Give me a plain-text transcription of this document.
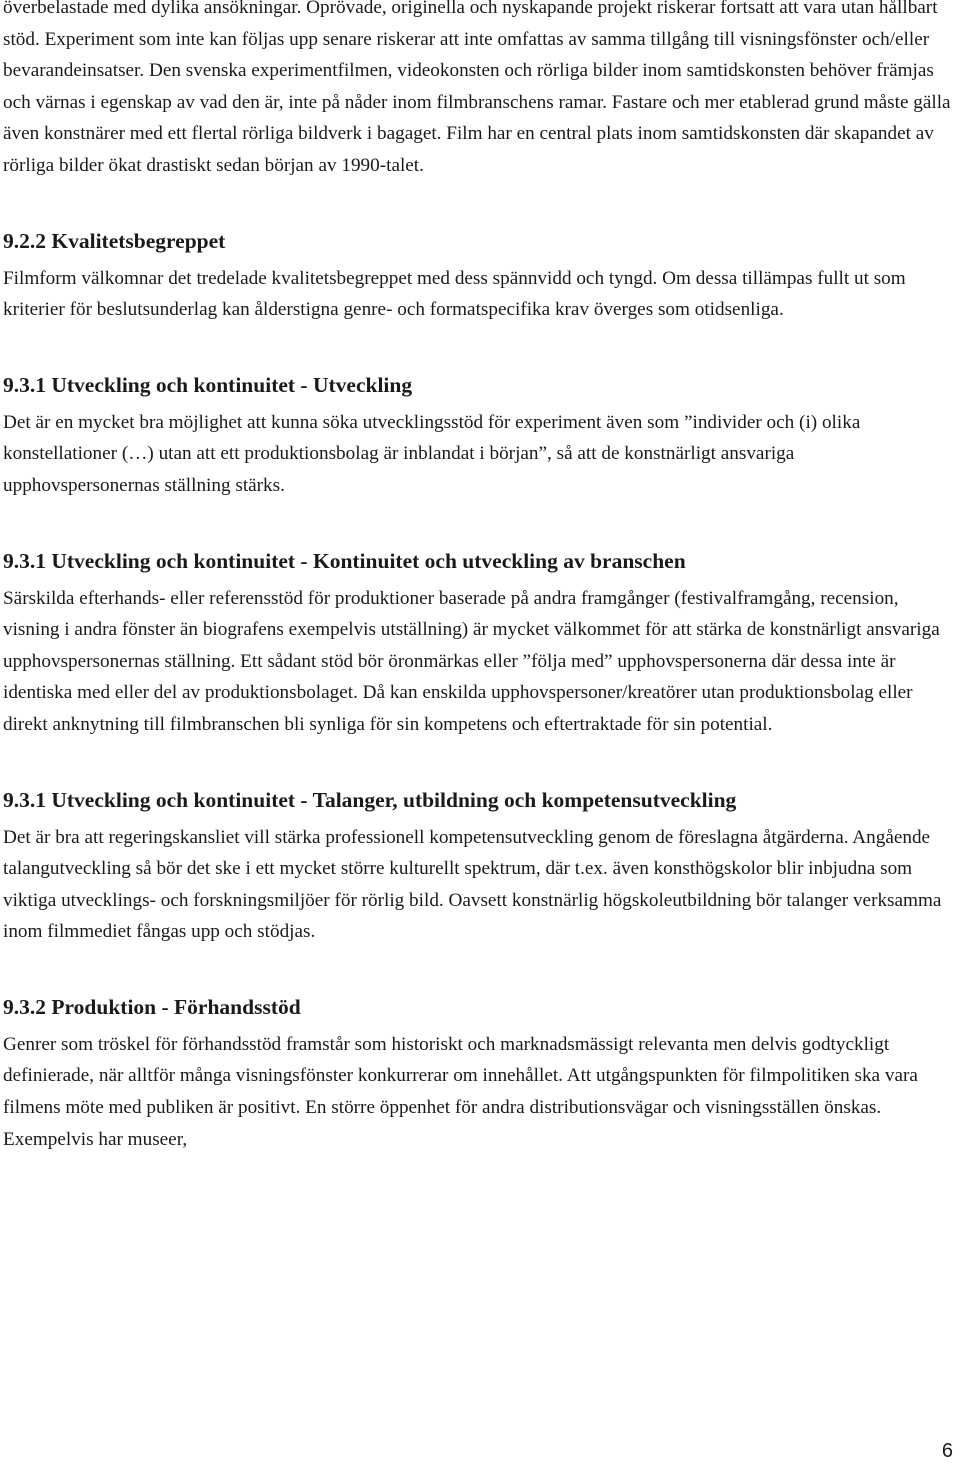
överbelastade med dylika ansökningar. Oprövade, originella och nyskapande projekt riskerar fortsatt att vara utan hållbart stöd. Experiment som inte kan följas upp senare riskerar att inte omfattas av samma tillgång till visningsfönster och/eller bevarandeinsatser. Den svenska experimentfilmen, videokonsten och rörliga bilder inom samtidskonsten behöver främjas och värnas i egenskap av vad den är, inte på nåder inom filmbranschens ramar. Fastare och mer etablerad grund måste gälla även konstnärer med ett flertal rörliga bildverk i bagaget. Film har en central plats inom samtidskonsten där skapandet av rörliga bilder ökat drastiskt sedan början av 1990-talet.

9.2.2 Kvalitetsbegreppet

Filmform välkomnar det tredelade kvalitetsbegreppet med dess spännvidd och tyngd. Om dessa tillämpas fullt ut som kriterier för beslutsunderlag kan ålderstigna genre- och formatspecifika krav överges som otidsenliga.

9.3.1 Utveckling och kontinuitet - Utveckling

Det är en mycket bra möjlighet att kunna söka utvecklingsstöd för experiment även som ”individer och (i) olika konstellationer (…) utan att ett produktionsbolag är inblandat i början”, så att de konstnärligt ansvariga upphovspersonernas ställning stärks.

9.3.1 Utveckling och kontinuitet - Kontinuitet och utveckling av branschen

Särskilda efterhands- eller referensstöd för produktioner baserade på andra framgånger (festivalframgång, recension, visning i andra fönster än biografens exempelvis utställning) är mycket välkommet för att stärka de konstnärligt ansvariga upphovspersonernas ställning. Ett sådant stöd bör öronmärkas eller ”följa med” upphovspersonerna där dessa inte är identiska med eller del av produktionsbolaget. Då kan enskilda upphovspersoner/kreatörer utan produktionsbolag eller direkt anknytning till filmbranschen bli synliga för sin kompetens och eftertraktade för sin potential.

9.3.1 Utveckling och kontinuitet - Talanger, utbildning och kompetensutveckling

Det är bra att regeringskansliet vill stärka professionell kompetensutveckling genom de föreslagna åtgärderna. Angående talangutveckling så bör det ske i ett mycket större kulturellt spektrum, där t.ex. även konsthögskolor blir inbjudna som viktiga utvecklings- och forskningsmiljöer för rörlig bild. Oavsett konstnärlig högskoleutbildning bör talanger verksamma inom filmmediet fångas upp och stödjas.

9.3.2 Produktion - Förhandsstöd

Genrer som tröskel för förhandsstöd framstår som historiskt och marknadsmässigt relevanta men delvis godtyckligt definierade, när alltför många visningsfönster konkurrerar om innehållet. Att utgångspunkten för filmpolitiken ska vara filmens möte med publiken är positivt. En större öppenhet för andra distributionsvägar och visningsställen önskas. Exempelvis har museer,

6
